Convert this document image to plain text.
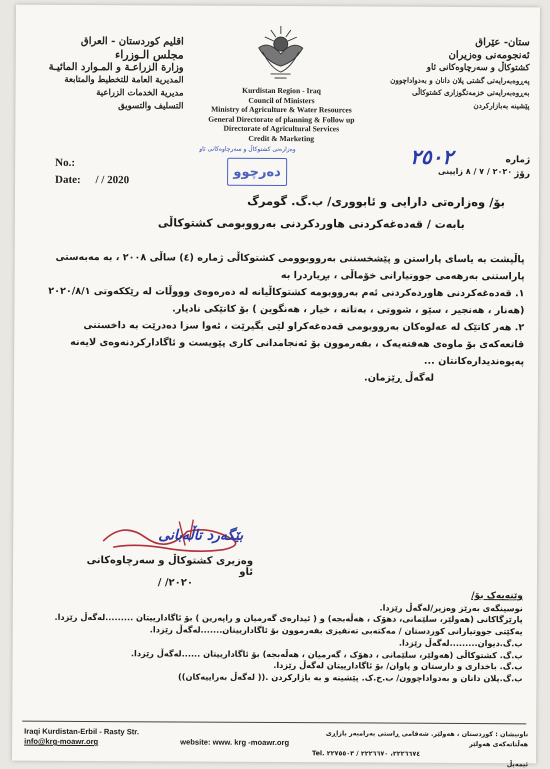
اقليم كوردستان - العراق
مجلس الـوزراء
وزارة الزراعـة و المـوارد المائيـة
المديرية العامة للتخطيط والمتابعة
مديرية الخدمات الزراعية
التسليف والتسويق
Kurdistan Region - Iraq
Council of Ministers
Ministry of Agriculture & Water Resources
General Directorate of planning & Follow up
Directorate of Agricultural Services
Credit & Marketing
ستان- عێراق
ئەنجومەنی وەزیران
کشتوکاڵ و سەرچاوەکانی ئاو
پەڕوەبەرایەتی گشتی پلان دانان و بەدواداچوون
بەڕوەبەرایەتی خزمەتگوزاری کشتوکاڵی
پێشینە بەبازارکردن
وەزارەتی کشتوکاڵ و سەرچاوەکانی ئاو
دەرچوو
No.:
Date: / / 2020
٢٥٠٢	ژمارە
رۆژ
٢٠٢٠ / ٧ / ٨ زایینی
بۆ/ وەزارەتی دارایی و ئابووری/ ب.گ. گومرگ
بابەت / قەدەغەکردنی هاوردکردنی بەرووبومی کشتوکاڵی
پاڵپشت بە یاسای پاراستن و پێشخستنی بەرووبوومی کشتوکاڵی ژمارە (٤) ساڵی ٢٠٠٨ ، بە مەبەستی پاراستنی بەرهەمی جووتیارانی خۆماڵی ، بڕیاردرا بە
١. قەدەغەکردنی هاوردەکردنی ئەم بەرووبومە کشتوکاڵیانە لە دەرەوەی وووڵات لە رێککەوتی ٢٠٢٠/٨/١ (هەنار ، هەنجیر ، سێو ، شووتی ، بەتاتە ، خیار ، هەنگوین ) بۆ کاتێکی نادیار.
٢. هەر کاتێک لە عەلوەکان بەرووبومی قەدەغەکراو لێی بگیرێت ، ئەوا سزا دەدرێت بە داخستنی قاتعەکەی بۆ ماوەی هەفتەیەک ، بفەرموون بۆ ئەنجامدانی کاری پێویست و ئاگادارکردنەوەی لایەنە پەیوەندیدارەکانتان ...
لەگەڵ ڕێزمان.
بێگەرد تاڵەبانی
وەزیری کشتوکاڵ و سەرچاوەکانی ئاو
٢٠٢٠/ /
وێنەیەک بۆ/
نوسینگەی بەرێز وەزیر/لەگەڵ رێزدا.
پارێزگاکانی (هەولێر، سلێمانی، دهۆک ، هەڵەبجە) و ( ئیداره‌ی گەرمیان و راپەرین ) بۆ ئاگادارییتان .........لەگەڵ رێزدا.
یەکێتی جووتیارانی کوردستان / مەکتەبی تەنفیزی بفەرموون بۆ ئاگادارییتان.......لەگەڵ رێزدا.
ب.گ.دیوان.........لەگەڵ رێزدا.
ب.گ. کشتوکاڵی (هەولێر، سلێمانی ، دهۆک ، گەرمیان ، هەڵەبجە) بۆ ئاگادارییتان ......لەگەڵ رێزدا.
ب.گ. باخداری و دارستان و پاوان/ بۆ ئاگادارییتان لەگەڵ رێزدا.
ب.گ.پلان دانان و بەدواداچوون/ ب.خ.ک. پێشینە و بە بازارکردن .(( لەگەڵ بەراییەکان))
Iraqi Kurdistan-Erbil - Rasty Str.
info@krg-moawr.org	website: www. krg -moawr.org
ناونیشان : كوردستان ، هەولێر. شەقامی ڕاستی بەرامبەر بازاڕی هەڵتاتەکەی هەولێر
Tel. ٢٢٢٦٦٧٤، ٢٢٢٦٦٧٠ / ٢٢٧٥٥٠٣
ئیمەیڵ
